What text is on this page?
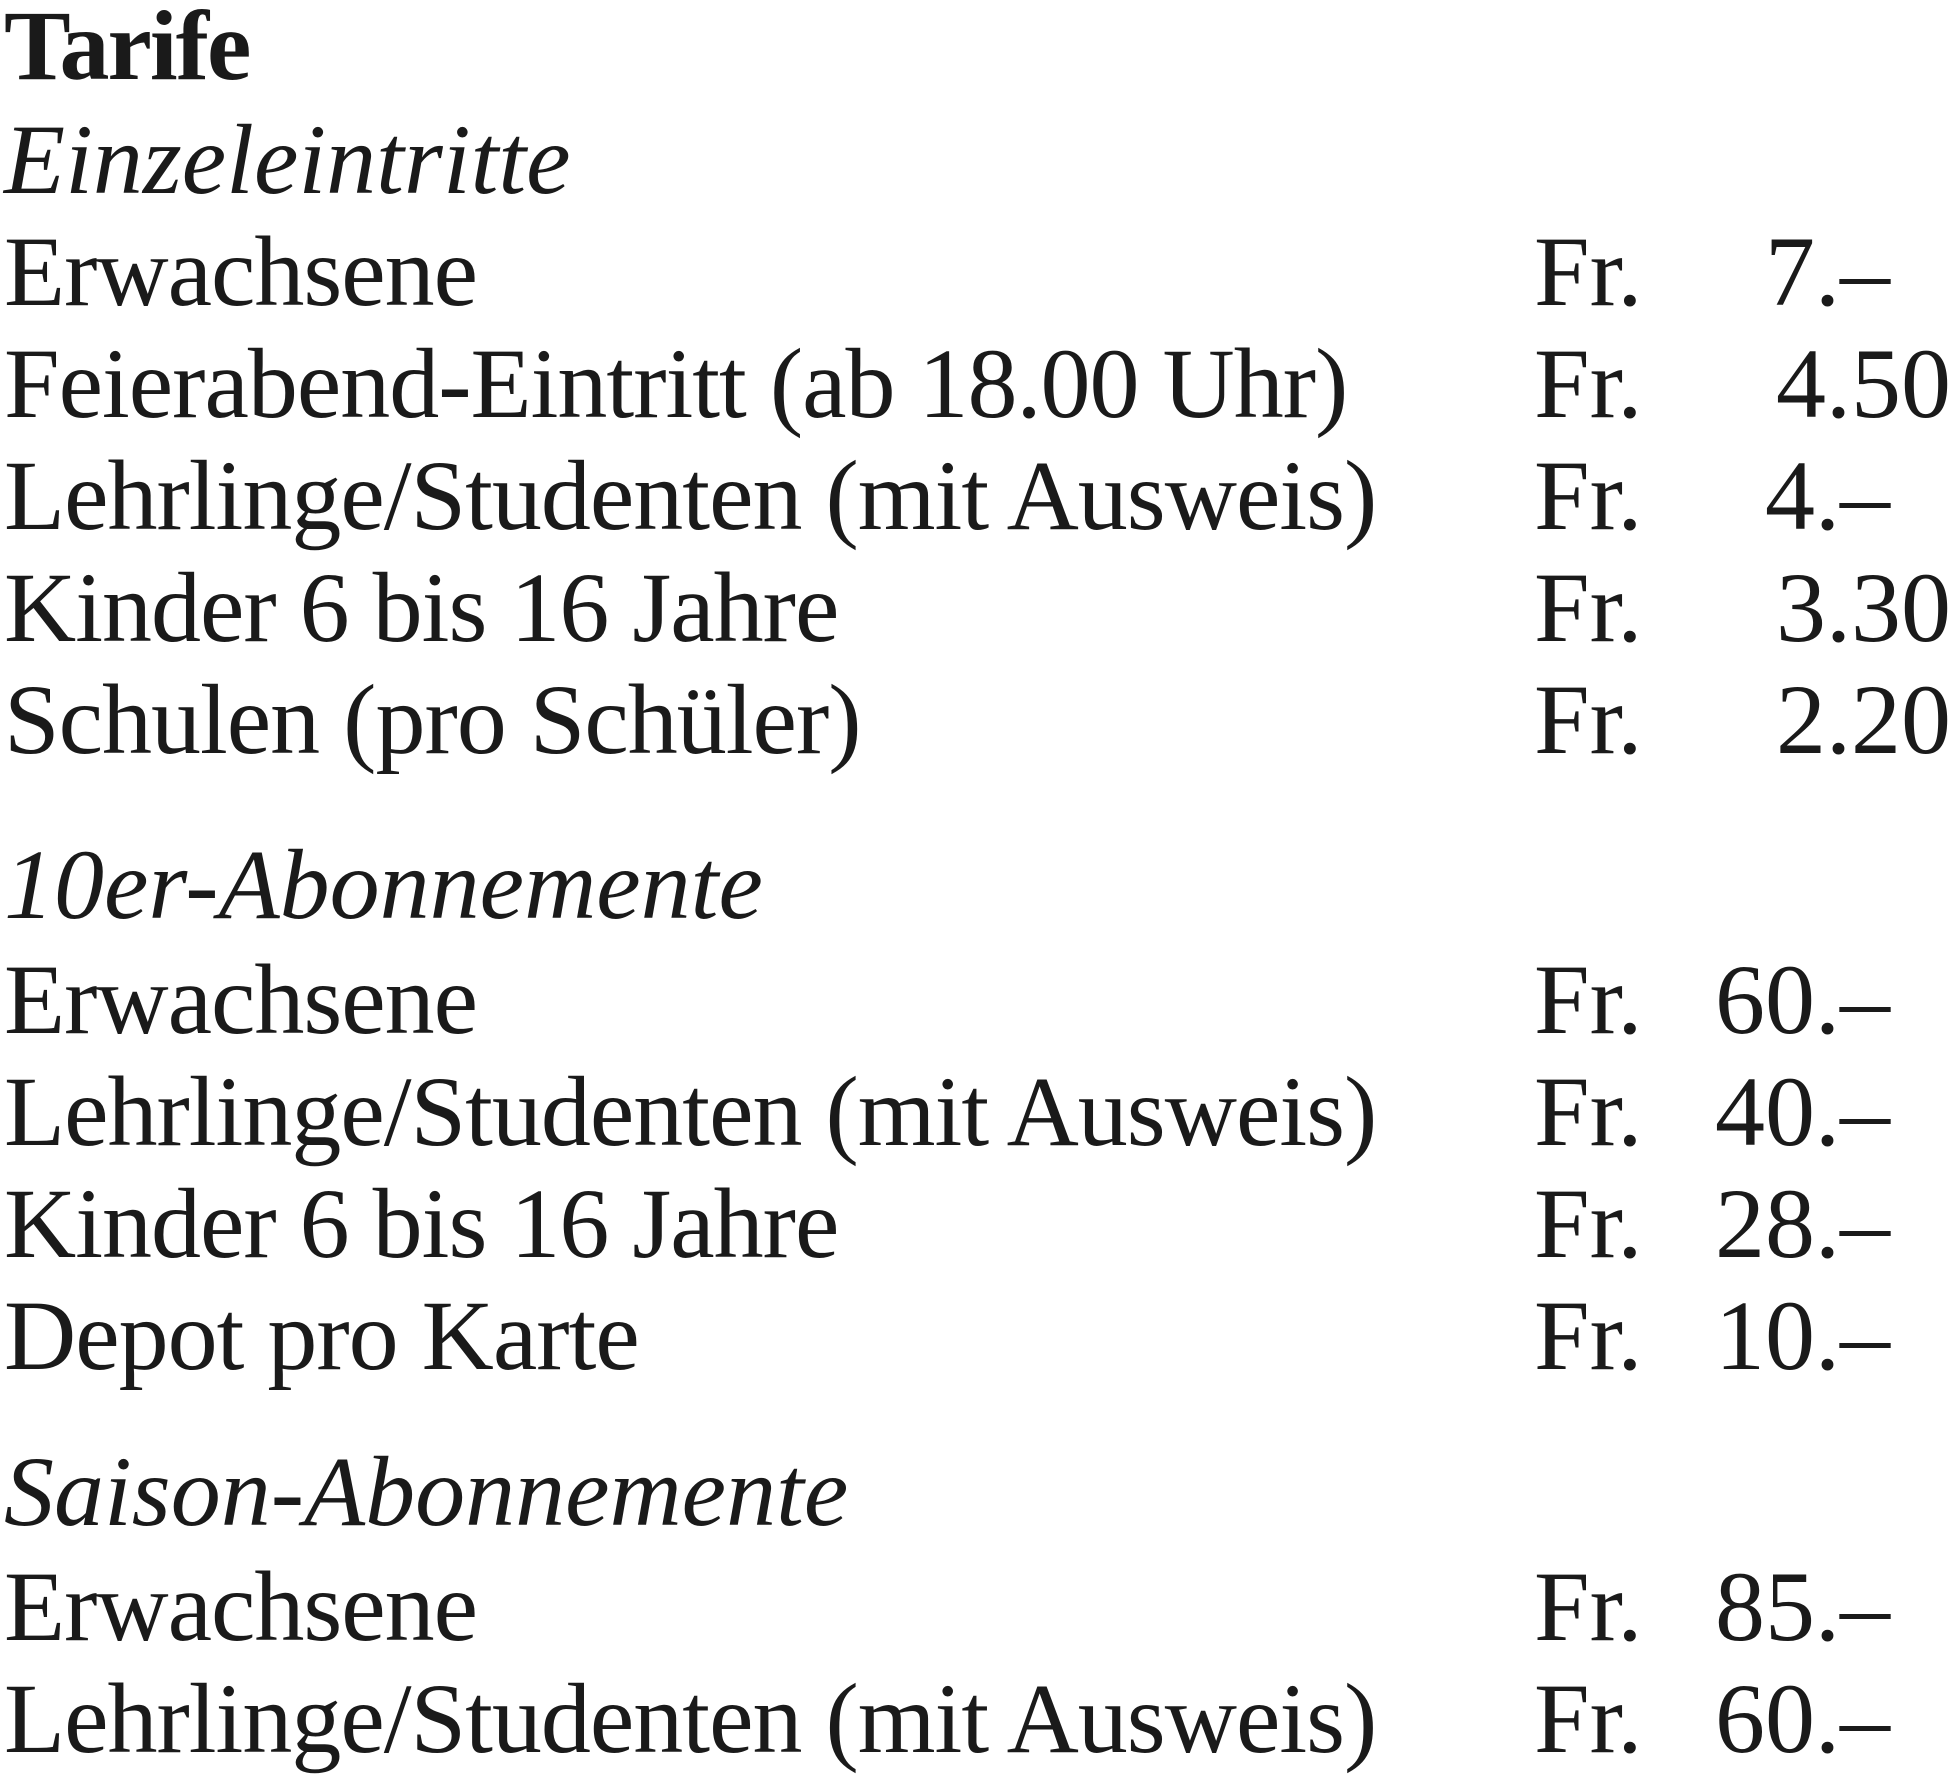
Tarife
Einzeleintritte
Erwachsene	Fr.	7.–
Feierabend-Eintritt (ab 18.00 Uhr) Fr. 4.50
Lehrlinge/Studenten (mit Ausweis) Fr.	4.–
Kinder 6 bis 16 Jahre	Fr. 3.30
Schulen (pro Schüler)	Fr. 2.20
10er-Abonnemente
Erwachsene	Fr. 60.–
Lehrlinge/Studenten (mit Ausweis) Fr. 40.–
Kinder 6 bis 16 Jahre	Fr. 28.–
Depot pro Karte	Fr. 10.–
Saison-Abonnemente
Erwachsene	Fr. 85.–
Lehrlinge/Studenten (mit Ausweis) Fr. 60.–
